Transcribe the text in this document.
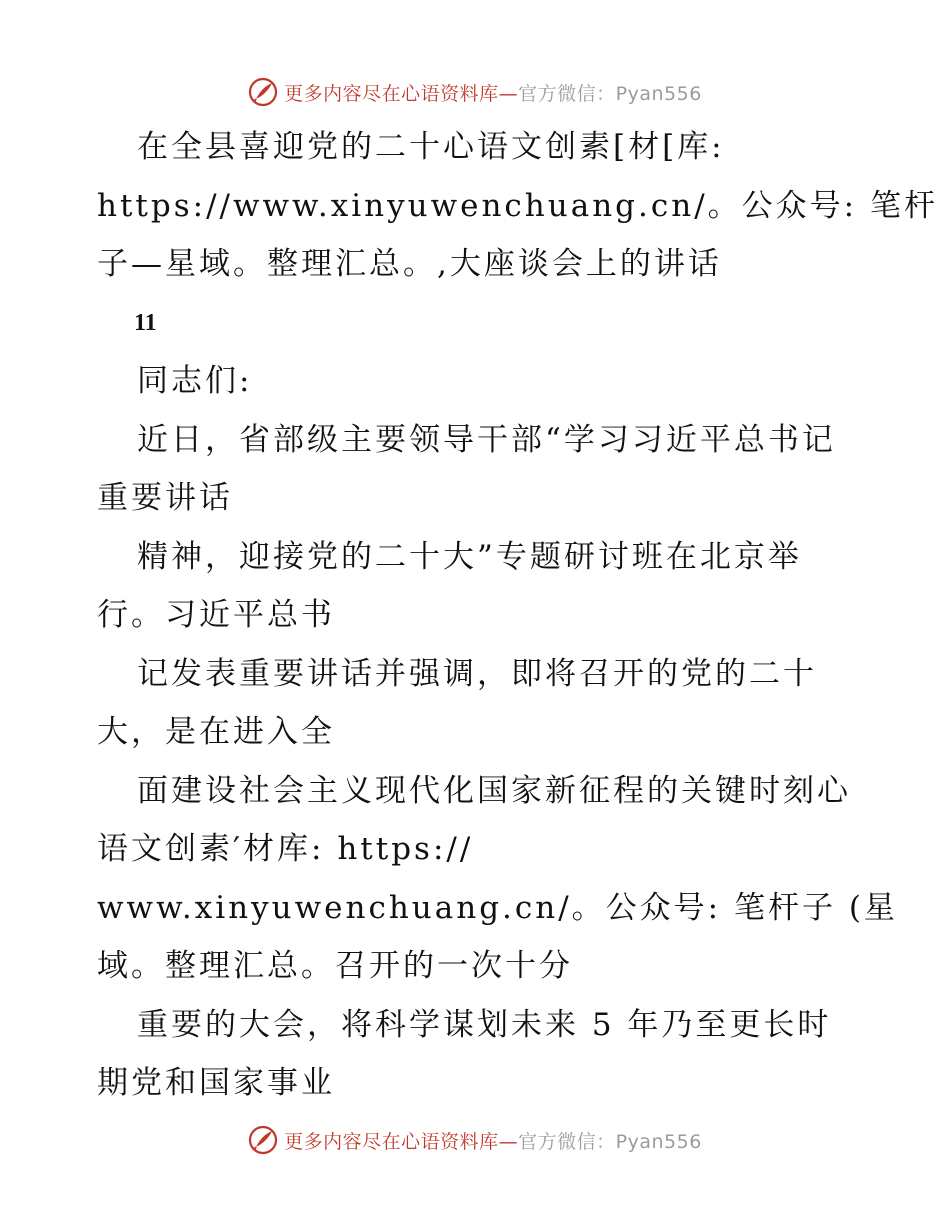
更多内容尽在心语资料库—官方微信：Pyan556

在全县喜迎党的二十心语文创素[材[库:
https://www.xinyuwenchuang.cn/。公众号: 笔杆
子—星域。整理汇总。,大座谈会上的讲话

11

同志们:

近日，省部级主要领导干部“学习习近平总书记
重要讲话
精神，迎接党的二十大”专题研讨班在北京举
行。习近平总书
记发表重要讲话并强调，即将召开的党的二十
大，是在进入全
面建设社会主义现代化国家新征程的关键时刻心
语文创素′材库: https://
www.xinyuwenchuang.cn/。公众号: 笔杆子 (星
域。整理汇总。召开的一次十分
重要的大会，将科学谋划未来 5 年乃至更长时
期党和国家事业

更多内容尽在心语资料库—官方微信：Pyan556
